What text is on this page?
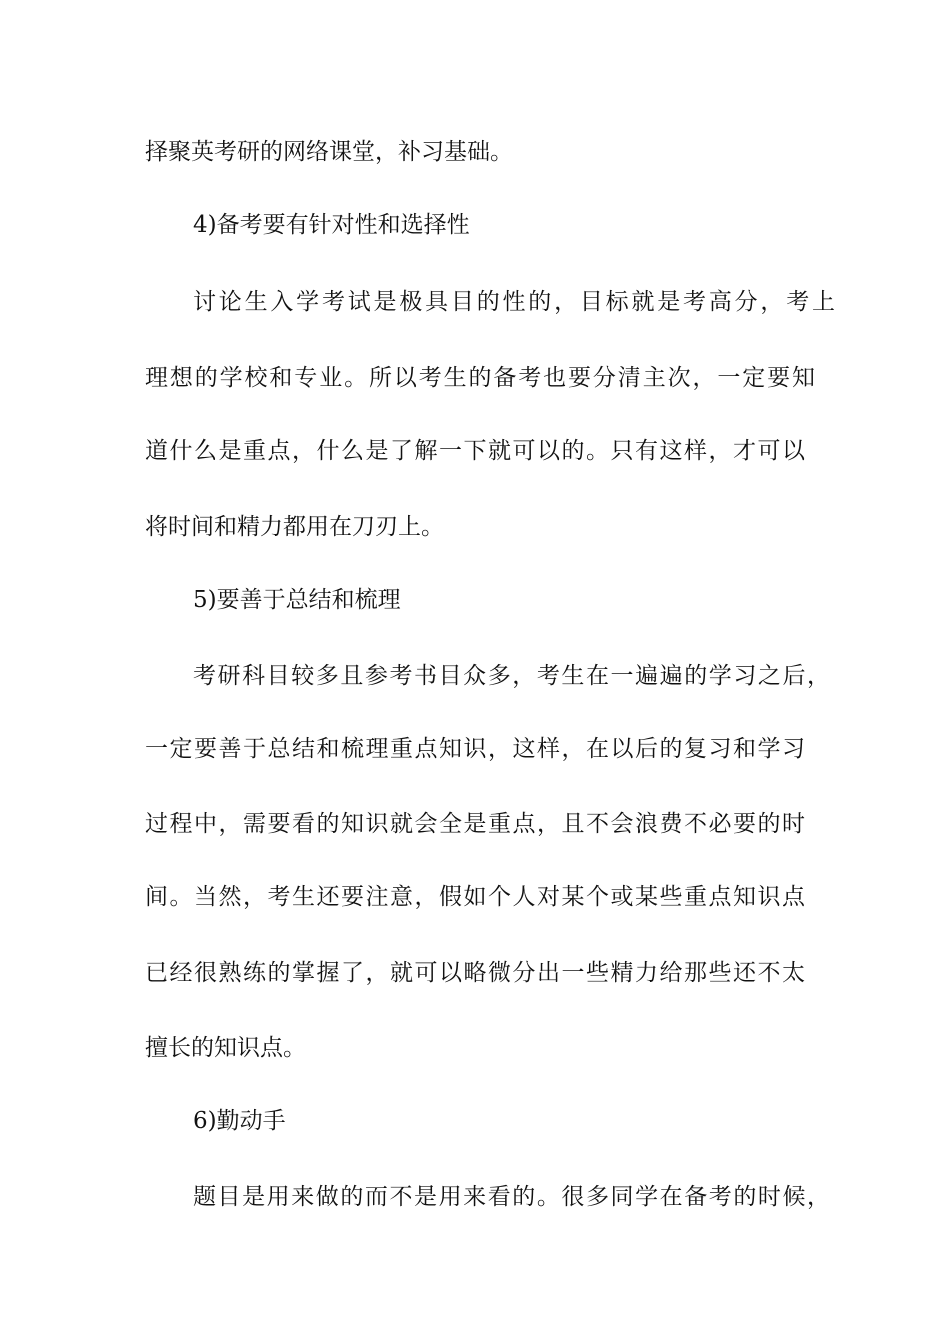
择聚英考研的网络课堂，补习基础。
4)备考要有针对性和选择性
讨论生入学考试是极具目的性的，目标就是考高分，考上
理想的学校和专业。所以考生的备考也要分清主次，一定要知
道什么是重点，什么是了解一下就可以的。只有这样，才可以
将时间和精力都用在刀刃上。
5)要善于总结和梳理
考研科目较多且参考书目众多，考生在一遍遍的学习之后，
一定要善于总结和梳理重点知识，这样，在以后的复习和学习
过程中，需要看的知识就会全是重点，且不会浪费不必要的时
间。当然，考生还要注意，假如个人对某个或某些重点知识点
已经很熟练的掌握了，就可以略微分出一些精力给那些还不太
擅长的知识点。
6)勤动手
题目是用来做的而不是用来看的。很多同学在备考的时候，
